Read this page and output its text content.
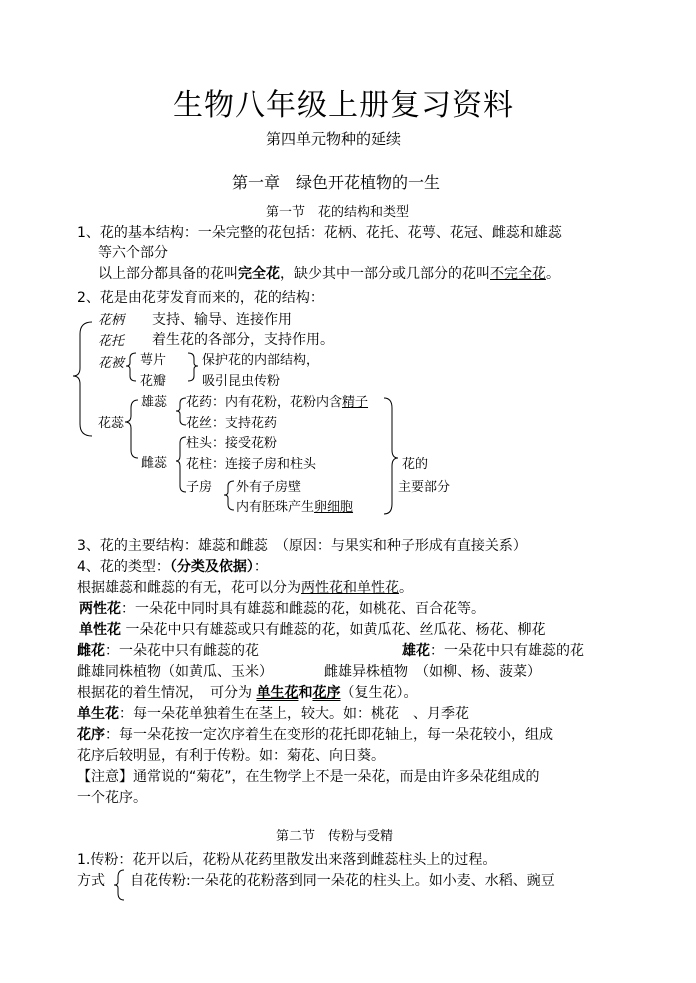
生物八年级上册复习资料
第四单元物种的延续
第一章　绿色开花植物的一生
第一节　花的结构和类型
1、花的基本结构：一朵完整的花包括：花柄、花托、花萼、花冠、雌蕊和雄蕊
等六个部分
以上部分都具备的花叫完全花，缺少其中一部分或几部分的花叫不完全花。
2、花是由花芽发育而来的，花的结构：
花柄 支持、输导、连接作用
花托 着生花的各部分，支持作用。
花被 萼片
花瓣
保护花的内部结构，
吸引昆虫传粉
花蕊
雄蕊 花药：内有花粉，花粉内含精子
花丝：支持花药
雌蕊
柱头：接受花粉
花柱：连接子房和柱头
子房 外有子房壁
内有胚珠产生卵细胞
花的
主要部分
3、花的主要结构：雄蕊和雌蕊　（原因：与果实和种子形成有直接关系）
4、花的类型：（分类及依据）：
根据雄蕊和雌蕊的有无，花可以分为两性花和单性花。
两性花：一朵花中同时具有雄蕊和雌蕊的花，如桃花、百合花等。
单性花 一朵花中只有雄蕊或只有雌蕊的花，如黄瓜花、丝瓜花、杨花、柳花
雌花：一朵花中只有雌蕊的花	雄花：一朵花中只有雄蕊的花
雌雄同株植物（如黄瓜、玉米）	雌雄异株植物　（如柳、杨、菠菜）
根据花的着生情况，　可分为 单生花和花序（复生花）。
单生花：每一朵花单独着生在茎上，较大。如：桃花　、月季花
花序：每一朵花按一定次序着生在变形的花托即花轴上，每一朵花较小，组成
花序后较明显，有利于传粉。如：菊花、向日葵。
【注意】通常说的“菊花”，在生物学上不是一朵花，而是由许多朵花组成的
一个花序。
第二节　传粉与受精
1.传粉：花开以后，花粉从花药里散发出来落到雌蕊柱头上的过程。
方式 自花传粉:一朵花的花粉落到同一朵花的柱头上。如小麦、水稻、豌豆
